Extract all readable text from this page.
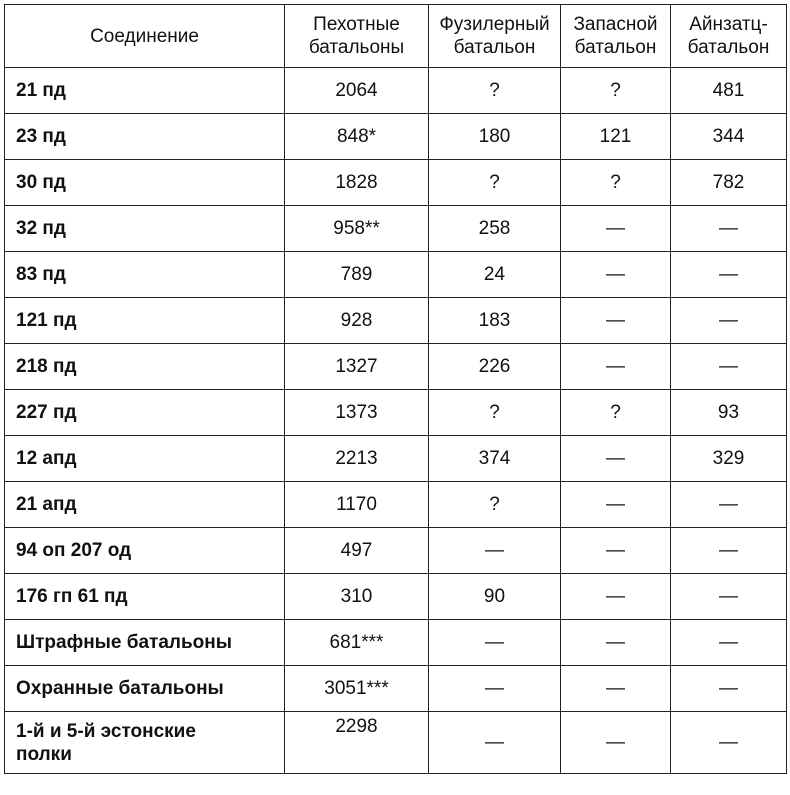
Соединение	Пехотные батальоны	Фузилерный батальон	Запасной батальон	Айнзатц-батальон
21 пд	2064	?	?	481
23 пд	848*	180	121	344
30 пд	1828	?	?	782
32 пд	958**	258	—	—
83 пд	789	24	—	—
121 пд	928	183	—	—
218 пд	1327	226	—	—
227 пд	1373	?	?	93
12 апд	2213	374	—	329
21 апд	1170	?	—	—
94 оп 207 од	497	—	—	—
176 гп 61 пд	310	90	—	—
Штрафные батальоны	681***	—	—	—
Охранные батальоны	3051***	—	—	—
1-й и 5-й эстонские полки	2298	—	—	—
